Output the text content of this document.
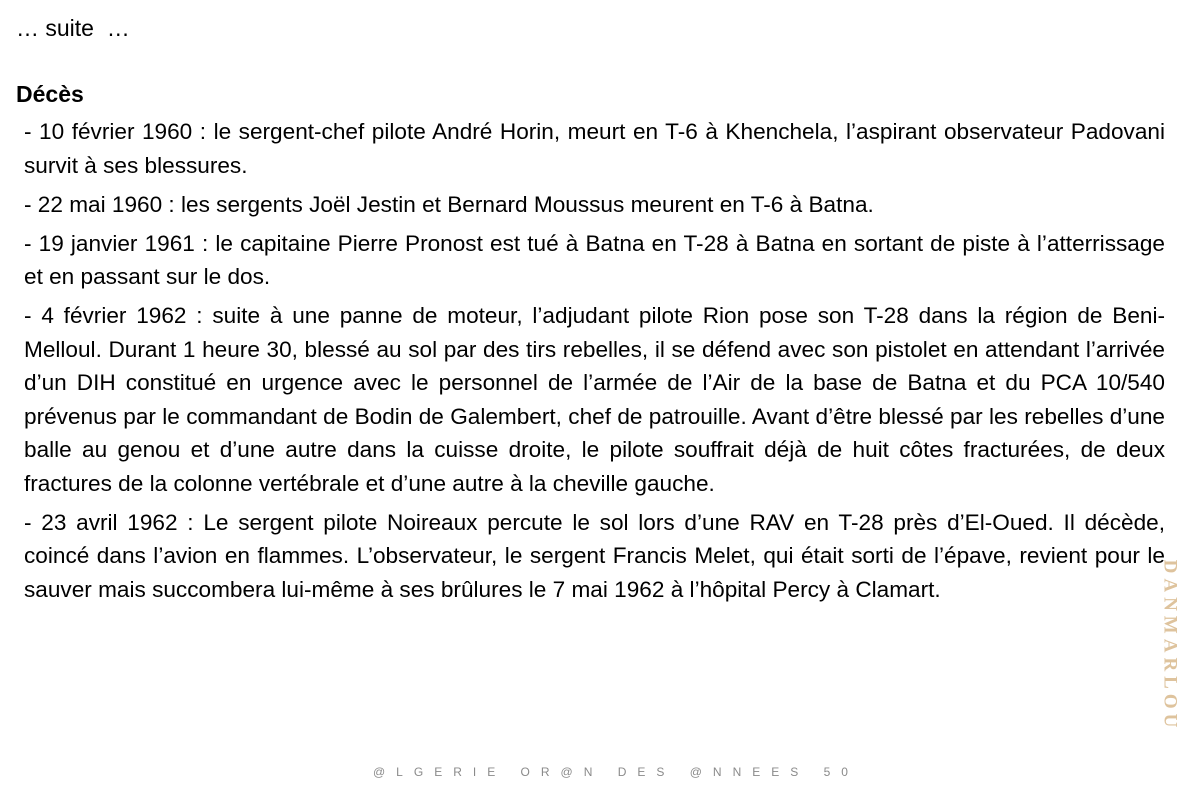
… suite  …
Décès

- 10 février 1960 : le sergent-chef pilote André Horin, meurt en T-6 à Khenchela, l’aspirant observateur Padovani survit à ses blessures.

- 22 mai 1960 : les sergents Joël Jestin et Bernard Moussus meurent en T-6 à Batna.

- 19 janvier 1961 : le capitaine Pierre Pronost est tué à Batna en T-28 à Batna en sortant de piste à l’atterrissage et en passant sur le dos.

- 4 février 1962 : suite à une panne de moteur, l’adjudant pilote Rion pose son T-28 dans la région de Beni-Melloul. Durant 1 heure 30, blessé au sol par des tirs rebelles, il se défend avec son pistolet en attendant l’arrivée d’un DIH constitué en urgence avec le personnel de l’armée de l’Air de la base de Batna et du PCA 10/540 prévenus par le commandant de Bodin de Galembert, chef de patrouille. Avant d’être blessé par les rebelles d’une balle au genou et d’une autre dans la cuisse droite, le pilote souffrait déjà de huit côtes fracturées, de deux fractures de la colonne vertébrale et d’une autre à la cheville gauche.

- 23 avril 1962 : Le sergent pilote Noireaux percute le sol lors d’une RAV en T-28 près d’El-Oued. Il décède, coincé dans l’avion en flammes. L’observateur, le sergent Francis Melet, qui était sorti de l’épave, revient pour le sauver mais succombera lui-même à ses brûlures le 7 mai 1962 à l’hôpital Percy à Clamart.	DANMARLOU
@LGERIE OR@N DES @NNEES 50
